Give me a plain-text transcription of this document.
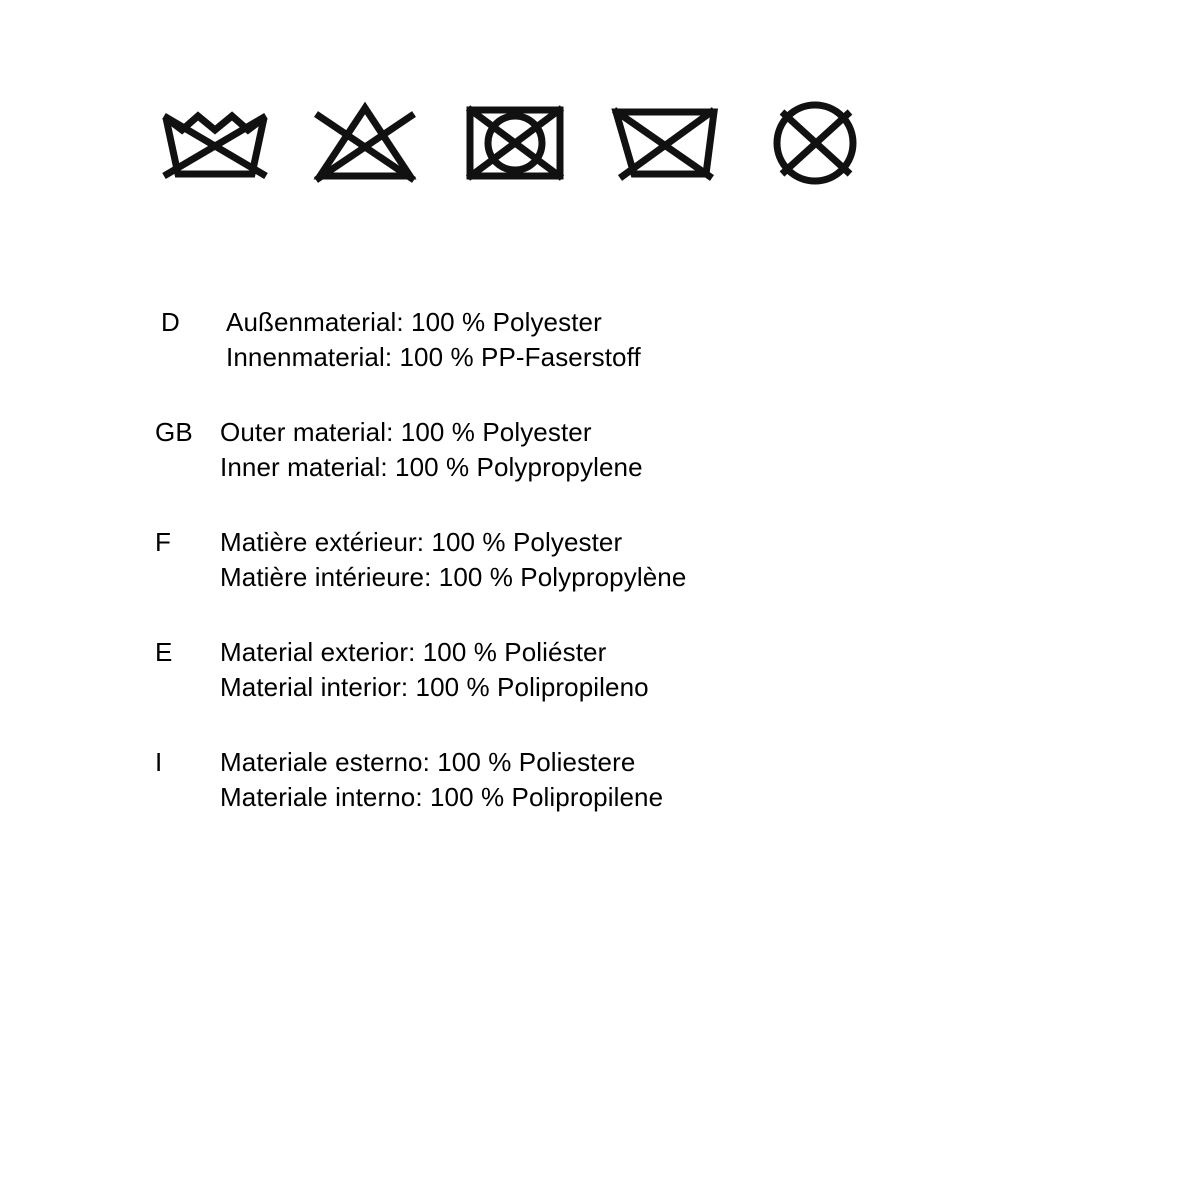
D	Außenmaterial: 100 % Polyester
Innenmaterial: 100 % PP-Faserstoff
GB	Outer material: 100 % Polyester
Inner material: 100 % Polypropylene
F	Matière extérieur: 100 % Polyester
Matière intérieure: 100 % Polypropylène
E	Material exterior: 100 % Poliéster
Material interior: 100 % Polipropileno
I	Materiale esterno: 100 % Poliestere
Materiale interno: 100 % Polipropilene
